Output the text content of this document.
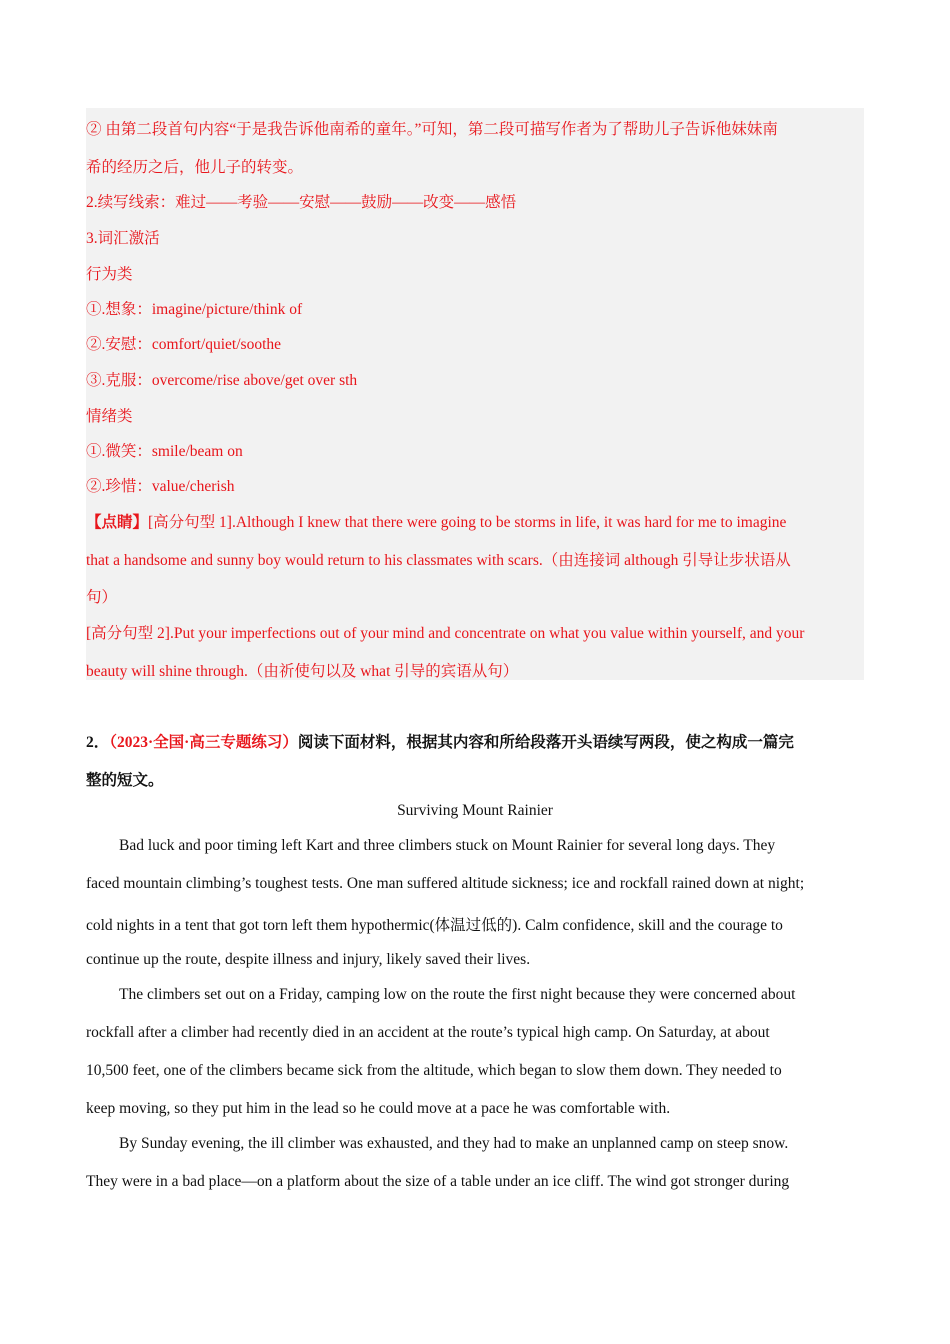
② 由第二段首句内容“于是我告诉他南希的童年。”可知，第二段可描写作者为了帮助儿子告诉他妹妹南
希的经历之后，他儿子的转变。
2.续写线索：难过——考验——安慰——鼓励——改变——感悟
3.词汇激活
行为类
①.想象：imagine/picture/think of
②.安慰：comfort/quiet/soothe
③.克服：overcome/rise above/get over sth
情绪类
①.微笑：smile/beam on
②.珍惜：value/cherish
【点睛】[高分句型 1].Although I knew that there were going to be storms in life, it was hard for me to imagine
that a handsome and sunny boy would return to his classmates with scars.（由连接词 although 引导让步状语从
句）
[高分句型 2].Put your imperfections out of your mind and concentrate on what you value within yourself, and your
beauty will shine through.（由祈使句以及 what 引导的宾语从句）
2．（2023·全国·高三专题练习）阅读下面材料，根据其内容和所给段落开头语续写两段，使之构成一篇完
整的短文。
Surviving Mount Rainier
Bad luck and poor timing left Kart and three climbers stuck on Mount Rainier for several long days. They
faced mountain climbing’s toughest tests. One man suffered altitude sickness; ice and rockfall rained down at night;
cold nights in a tent that got torn left them hypothermic(体温过低的). Calm confidence, skill and the courage to
continue up the route, despite illness and injury, likely saved their lives.
The climbers set out on a Friday, camping low on the route the first night because they were concerned about
rockfall after a climber had recently died in an accident at the route’s typical high camp. On Saturday, at about
10,500 feet, one of the climbers became sick from the altitude, which began to slow them down. They needed to
keep moving, so they put him in the lead so he could move at a pace he was comfortable with.
By Sunday evening, the ill climber was exhausted, and they had to make an unplanned camp on steep snow.
They were in a bad place—on a platform about the size of a table under an ice cliff. The wind got stronger during
